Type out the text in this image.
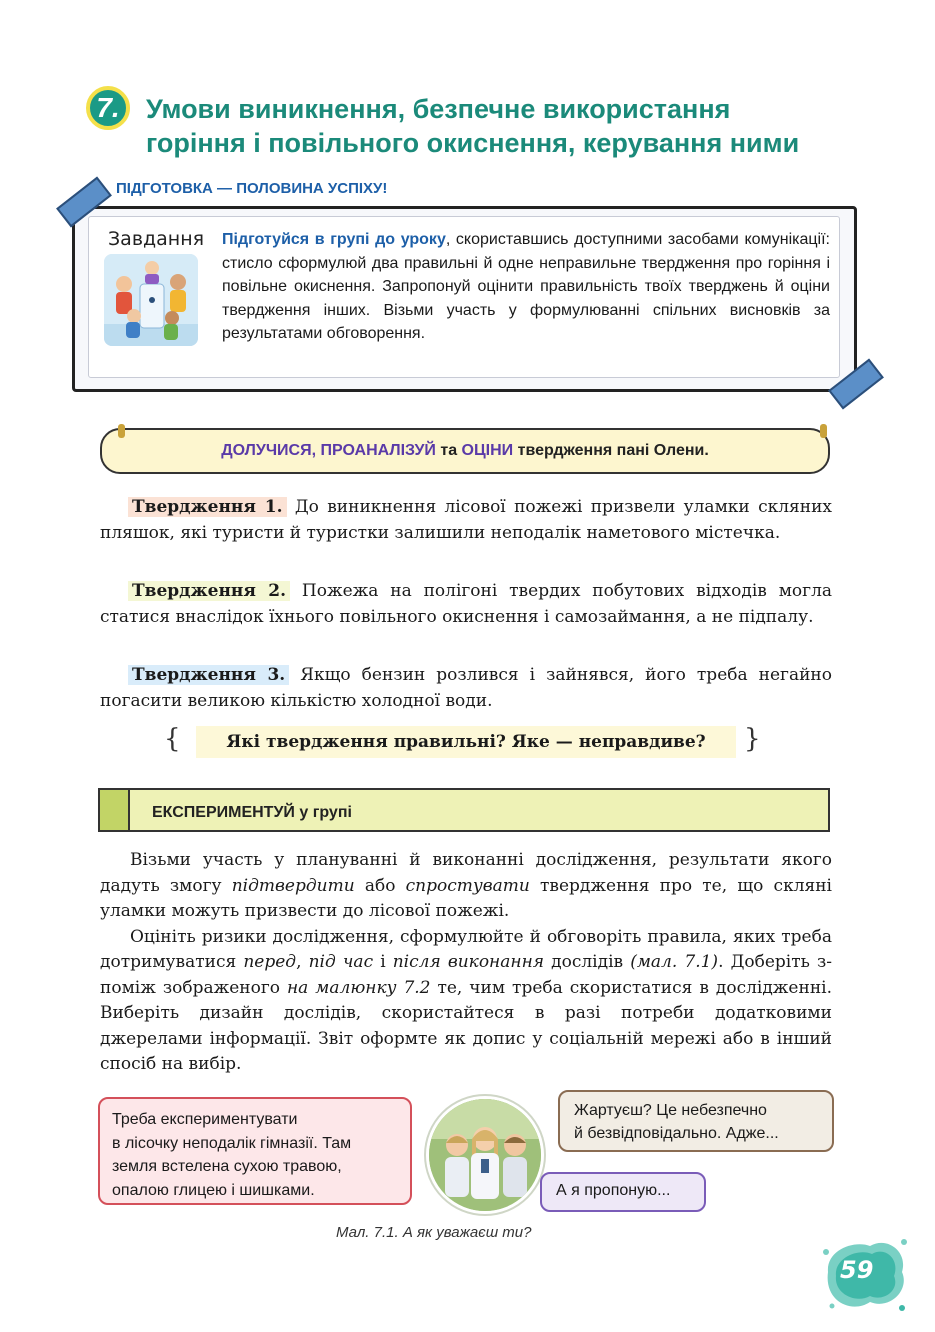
7. Умови виникнення, безпечне використання
горіння і повільного окиснення, керування ними
ПІДГОТОВКА — ПОЛОВИНА УСПІХУ!
Завдання Підготуйся в групі до уроку, скориставшись доступними засобами комунікації: стисло сформулюй два правильні й одне неправильне твердження про горіння і повільне окиснення. Запропонуй оцінити правильність твоїх тверджень й оціни твердження інших. Візьми участь у формулюванні спільних висновків за результатами обговорення.
ДОЛУЧИСЯ, ПРОАНАЛІЗУЙ та ОЦІНИ твердження пані Олени.
Твердження 1. До виникнення лісової пожежі призвели уламки скляних пляшок, які туристи й туристки залишили неподалік наметового містечка.
Твердження 2. Пожежа на полігоні твердих побутових відходів могла статися внаслідок їхнього повільного окиснення і самозаймання, а не підпалу.
Твердження 3. Якщо бензин розлився і зайнявся, його треба негайно погасити великою кількістю холодної води.
{	Які твердження правильні? Яке — неправдиве?	}
ЕКСПЕРИМЕНТУЙ у групі

Візьми участь у плануванні й виконанні дослідження, результати якого дадуть змогу підтвердити або спростувати твердження про те, що скляні уламки можуть призвести до лісової пожежі.

Оцініть ризики дослідження, сформулюйте й обговоріть правила, яких треба дотримуватися перед, під час і після виконання дослідів (мал. 7.1). Доберіть з-поміж зображеного на малюнку 7.2 те, чим треба скористатися в дослідженні. Виберіть дизайн дослідів, скористайтеся в разі потреби додатковими джерелами інформації. Звіт оформте як допис у соціальній мережі або в інший спосіб на вибір.

Треба експериментувати
в лісочку неподалік гімназії. Там
земля встелена сухою травою,
опалою глицею і шишками.
Жартуєш? Це небезпечно
й безвідповідально. Адже...
А я пропоную...
Мал. 7.1. А як уважаєш ти?
59
